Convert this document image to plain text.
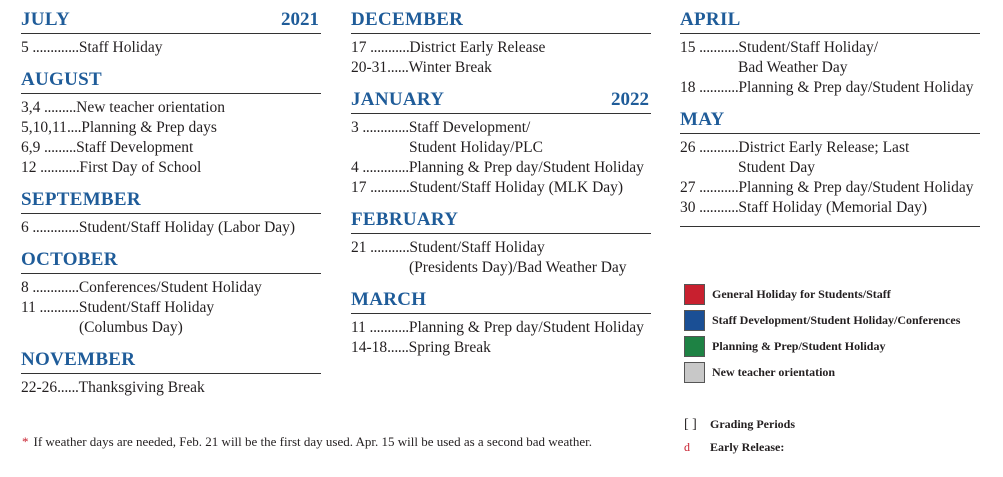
JULY	2021
5 ............. Staff Holiday
AUGUST
3,4 ......... New teacher orientation
5,10,11 .... Planning & Prep days
6,9 ......... Staff Development
12 ........... First Day of School
SEPTEMBER
6 ............. Student/Staff Holiday (Labor Day)
OCTOBER
8 ............. Conferences/Student Holiday
11 ........... Student/Staff Holiday
(Columbus Day)
NOVEMBER
22-26 ...... Thanksgiving Break
DECEMBER
17 ........... District Early Release
20-31 ...... Winter Break
JANUARY	2022
3 ............. Staff Development/
Student Holiday/PLC
4 ............. Planning & Prep day/Student Holiday
17 ........... Student/Staff Holiday (MLK Day)
FEBRUARY
21 ........... Student/Staff Holiday
(Presidents Day)/Bad Weather Day
MARCH
11 ........... Planning & Prep day/Student Holiday
14-18 ...... Spring Break
APRIL
15 ........... Student/Staff Holiday/
Bad Weather Day
18 ........... Planning & Prep day/Student Holiday
MAY
26 ........... District Early Release; Last
Student Day
27 ........... Planning & Prep day/Student Holiday
30 ........... Staff Holiday (Memorial Day)
General Holiday for Students/Staff
Staff Development/Student Holiday/Conferences
Planning & Prep/Student Holiday
New teacher orientation
[ ] Grading Periods
d Early Release:
* If weather days are needed, Feb. 21 will be the first day used. Apr. 15 will be used as a second bad weather.
